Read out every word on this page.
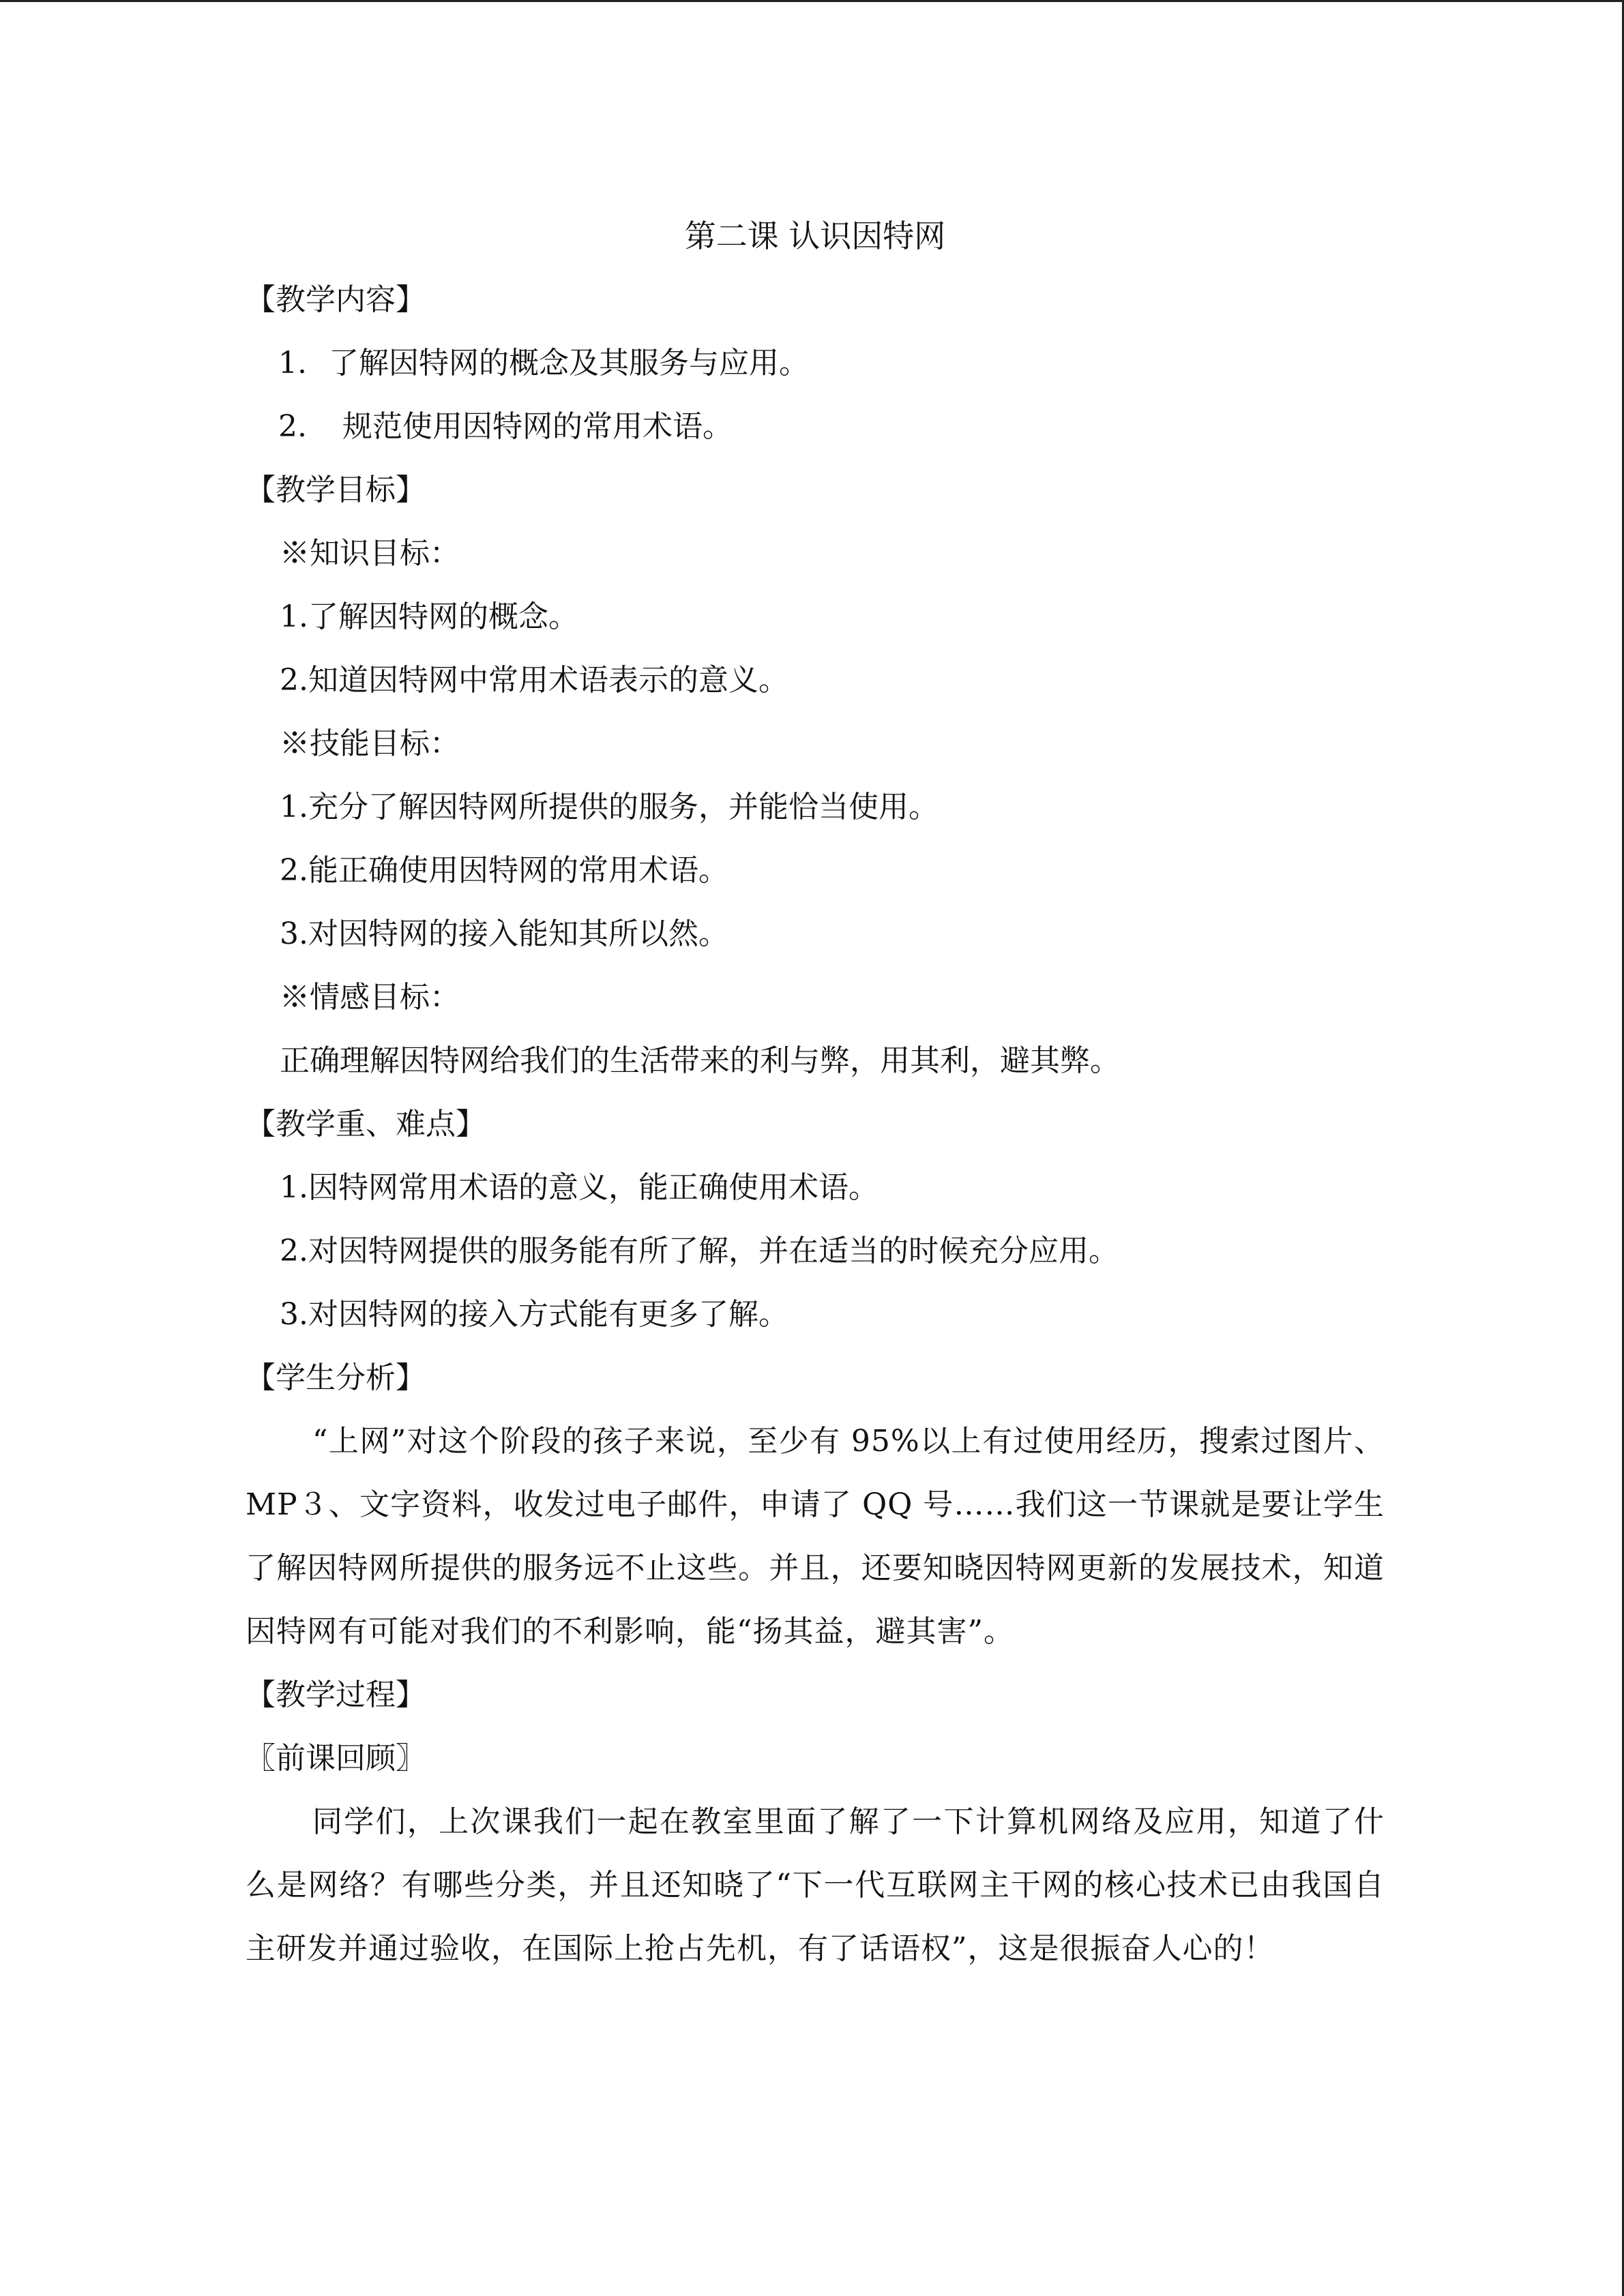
第二课 认识因特网
【教学内容】
1. 了解因特网的概念及其服务与应用。
2. 规范使用因特网的常用术语。
【教学目标】
※知识目标：
1.了解因特网的概念。
2.知道因特网中常用术语表示的意义。
※技能目标：
1.充分了解因特网所提供的服务，并能恰当使用。
2.能正确使用因特网的常用术语。
3.对因特网的接入能知其所以然。
※情感目标：
正确理解因特网给我们的生活带来的利与弊，用其利，避其弊。
【教学重、难点】
1.因特网常用术语的意义，能正确使用术语。
2.对因特网提供的服务能有所了解，并在适当的时候充分应用。
3.对因特网的接入方式能有更多了解。
【学生分析】
“上网”对这个阶段的孩子来说，至少有 95%以上有过使用经历，搜索过图片、MP３、文字资料，收发过电子邮件，申请了 QQ 号……我们这一节课就是要让学生了解因特网所提供的服务远不止这些。并且，还要知晓因特网更新的发展技术，知道因特网有可能对我们的不利影响，能“扬其益，避其害”。
【教学过程】
〖前课回顾〗
同学们，上次课我们一起在教室里面了解了一下计算机网络及应用，知道了什么是网络？有哪些分类，并且还知晓了“下一代互联网主干网的核心技术已由我国自主研发并通过验收，在国际上抢占先机，有了话语权”，这是很振奋人心的！
